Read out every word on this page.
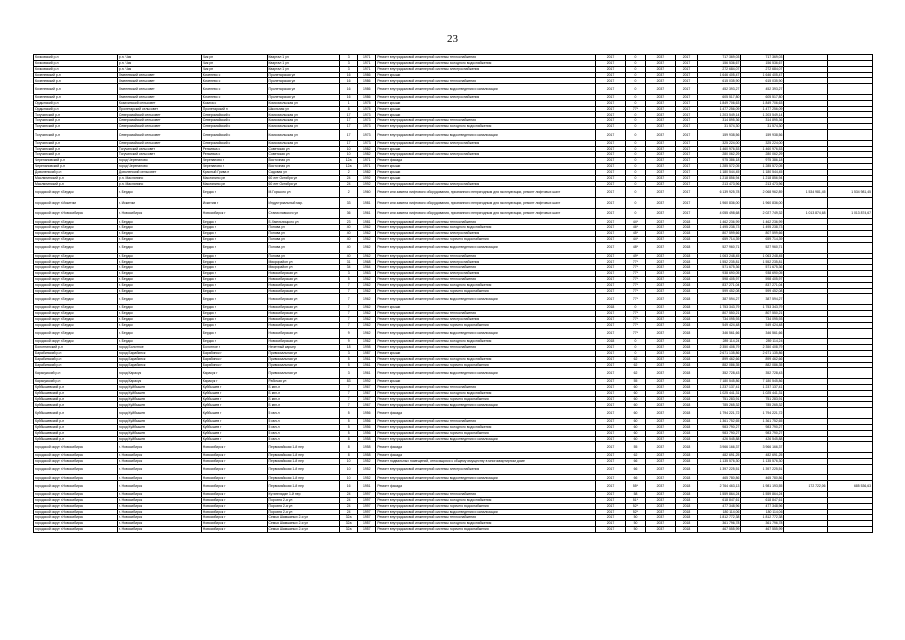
23
Кочковский р-н	р.п. Чик	Чик рп	Квартал 1 ул	3	1971	Ремонт внутридомовой инженерной системы теплоснабжения	2017	0	2037	2017	717 369,03	717 369,03		
Кочковский р-н	р.п. Чик	Чик рп	Квартал 1 ул	3	1971	Ремонт внутридомовой инженерной системы холодного водоснабжения	2017	0	2037	2017	156 536,67	156 536,67		
Кочковский р-н	р.п. Чик	Чик рп	Квартал 1 ул	3	1971	Ремонт внутридомовой инженерной системы электроснабжения	2017	0	2037	2017	272 684,07	272 684,07		
Коченевский р-н	Хмелевский сельсовет	Коченево с	Пролетарская ул	16	1986	Ремонт крыши	2017	0	2037	2017	1 646 405,47	1 646 405,47		
Коченевский р-н	Хмелевский сельсовет	Коченево с	Пролетарская ул	16	1986	Ремонт внутридомовой инженерной системы теплоснабжения	2017	0	2037	2017	615 035,90	615 035,90		
Коченевский р-н	Хмелевский сельсовет	Коченево с	Пролетарская ул	16	1986	Ремонт внутридомовой инженерной системы водоотведения и канализации	2017	0	2037	2017	452 393,27	452 393,27		
Коченевский р-н	Хмелевский сельсовет	Коченево с	Пролетарская ул	16	1986	Ремонт внутридомовой инженерной системы электроснабжения	2017	0	2037	2017	605 517,80	605 517,80		
Ордынский р-н	Козихинский сельсовет	Козиха с	Комсомольская ул	1	1975	Ремонт крыши	2017	0	2037	2017	1 849 706,63	1 849 706,63		
Ордынский р-н	Пролетарский сельсовет	Пролетарский п	Школьная ул	8	1975	Ремонт крыши	2017	77*	2037	2017	1 477 256,09	1 477 256,09		
Тогучинский р-н	Северомайский сельсовет	Северомайский с	Комсомольская ул	17	1973	Ремонт крыши	2017	0	2037	2017	1 203 549,14	1 203 549,14		
Тогучинский р-н	Северомайский сельсовет	Северомайский с	Комсомольская ул	17	1973	Ремонт внутридомовой инженерной системы теплоснабжения	2017	0	2037	2017	314 895,36	314 895,36		
Тогучинский р-н	Северомайский сельсовет	Северомайский с	Комсомольская ул	17	1973	Ремонт внутридомовой инженерной системы холодного водоснабжения	2017	0	2037	2017	31 574,30	31 574,30		
Тогучинский р-н	Северомайский сельсовет	Северомайский с	Комсомольская ул	17	1973	Ремонт внутридомовой инженерной системы водоотведения и канализации	2017	0	2037	2017	159 938,56	159 938,56		
Тогучинский р-н	Северомайский сельсовет	Северомайский с	Комсомольская ул	17	1973	Ремонт внутридомовой инженерной системы электроснабжения	2017	0	2037	2017	325 224,00	325 224,00		
Тогучинский р-н	Тогучинский сельсовет	Репьевка с	Советская ул	10	1982	Ремонт крыши	2017	0	2037	2017	1 460 976,53	1 460 976,53		
Тогучинский р-н	Тогучинский сельсовет	Репьевка с	Советская ул	10	1982	Ремонт внутридомовой инженерной системы электроснабжения	2017	0	2037	2017	280 062,29	280 062,29		
Черепановский р-н	город Черепаново	Черепаново г	Восточная ул	12а	1971	Ремонт фасада	2017	0	2037	2017	975 386,18	975 386,18		
Черепановский р-н	город Черепаново	Черепаново г	Восточная ул	12а	1971	Ремонт крыши	2017	0	2037	2017	1 285 572,05	1 285 572,05		
Доволенский р-н	Доволенский сельсовет	Красный Грива п	Садовая ул	2	1982	Ремонт крыши	2017	0	2037	2017	1 180 544,45	1 180 544,45		
Маслянинский р-н	р.п. Маслянино	Маслянино рп	60 лет Октября ул	24	1992	Ремонт крыши	2017	0	2037	2017	1 218 856,94	1 218 856,94		
Маслянинский р-н	р.п. Маслянино	Маслянино рп	60 лет Октября ул	24	1992	Ремонт внутридомовой инженерной системы электроснабжения	2017	0	2037	2017	213 473,96	213 473,96		
городской округ г.Бердск	г. Бердск	Бердск г	М.Горького ул	2	1960	Ремонт или замена лифтового оборудования, признанного непригодным для эксплуатации, ремонт лифтовых шахт	2017	0	2037	2017	6 139 925,78	2 068 962,89	1 534 981,45	1 534 981,45
городской округ г.Искитим	г. Искитим	Искитим г	Индустриальный мкр.	33	1981	Ремонт или замена лифтового оборудования, признанного непригодным для эксплуатации, ремонт лифтовых шахт	2017	0	2037	2017	1 960 836,00	1 960 836,00		
городской округ г.Новосибирск	г. Новосибирск	Новосибирск г	Станиславского ул	36	1961	Ремонт или замена лифтового оборудования, признанного непригодным для эксплуатации, ремонт лифтовых шахт	2017	0	2037	2017	4 055 498,68	2 027 749,32	1 013 874,68	1 013 874,67
городской округ г.Бердск	г. Бердск	Бердск г	Б.Хмельницкого ул	23	1981	Ремонт внутридомовой инженерной системы теплоснабжения	2017	44*	2037	2018	1 462 236,99	1 462 236,99		
городской округ г.Бердск	г. Бердск	Бердск г	Попова ул	40	1962	Ремонт внутридомовой инженерной системы холодного водоснабжения	2017	46*	2037	2018	1 495 238,73	1 495 238,73		
городской округ г.Бердск	г. Бердск	Бердск г	Попова ул	40	1962	Ремонт внутридомовой инженерной системы электроснабжения	2017	45*	2037	2018	807 599,66	807 599,66		
городской округ г.Бердск	г. Бердск	Бердск г	Попова ул	40	1962	Ремонт внутридомовой инженерной системы горячего водоснабжения	2017	44*	2037	2018	659 714,39	659 714,39		
городской округ г.Бердск	г. Бердск	Бердск г	Попова ул	40	1962	Ремонт внутридомовой инженерной системы водоотведения и канализации	2017	48*	2037	2018	527 960,71	527 960,71		
городской округ г.Бердск	г. Бердск	Бердск г	Попова ул	40	1962	Ремонт внутридомовой инженерной системы теплоснабжения	2017	49*	2037	2018	1 063 248,45	1 063 248,45		
городской округ г.Бердск	г. Бердск	Бердск г	Микрорайон ул	31	1968	Ремонт внутридомовой инженерной системы электроснабжения	2017	77*	2037	2018	1 552 235,81	1 552 235,81		
городской округ г.Бердск	г. Бердск	Бердск г	Микрорайон ул	34	1964	Ремонт внутридомовой инженерной системы теплоснабжения	2017	77*	2037	2018	571 675,36	571 675,36		
городской округ г.Бердск	г. Бердск	Бердск г	Новосибирская ул	3	1963	Ремонт внутридомовой инженерной системы электроснабжения	2017	77*	2037	2018	938 690,05	938 690,05		
городской округ г.Бердск	г. Бердск	Бердск г	Новосибирская ул	5	1962	Ремонт внутридомовой инженерной системы теплоснабжения	2017	77*	2037	2018	598 405,97	598 405,97		
городской округ г.Бердск	г. Бердск	Бердск г	Новосибирская ул	7	1962	Ремонт внутридомовой инженерной системы холодного водоснабжения	2017	77*	2037	2018	837 271,04	837 271,04		
городской округ г.Бердск	г. Бердск	Бердск г	Новосибирская ул	7	1962	Ремонт внутридомовой инженерной системы горячего водоснабжения	2017	77*	2037	2018	599 452,08	599 452,08		
городской округ г.Бердск	г. Бердск	Бердск г	Новосибирская ул	7	1962	Ремонт внутридомовой инженерной системы водоотведения и канализации	2017	77*	2037	2018	387 594,27	387 594,27		
городской округ г.Бердск	г. Бердск	Бердск г	Новосибирская ул	7	1962	Ремонт крыши	2018	0	2037	2018	1 753 343,79	1 753 343,79		
городской округ г.Бердск	г. Бердск	Бердск г	Новосибирская ул	7	1962	Ремонт внутридомовой инженерной системы теплоснабжения	2017	77*	2037	2018	807 550,21	807 550,21		
городской округ г.Бердск	г. Бердск	Бердск г	Новосибирская ул	7	1962	Ремонт внутридомовой инженерной системы электроснабжения	2017	77*	2037	2018	734 095,93	734 095,93		
городской округ г.Бердск	г. Бердск	Бердск г	Новосибирская ул	7	1962	Ремонт внутридомовой инженерной системы горячего водоснабжения	2017	77*	2037	2018	549 424,48	549 424,48		
городской округ г.Бердск	г. Бердск	Бердск г	Новосибирская ул	9	1962	Ремонт внутридомовой инженерной системы водоотведения и канализации	2017	77*	2037	2018	346 561,66	346 561,66		
городской округ г.Бердск	г. Бердск	Бердск г	Новосибирская ул	9	1962	Ремонт внутридомовой инженерной системы холодного водоснабжения	2018	0	2037	2018	289 114,24	289 114,24		
Болотнинский р-н	город Болотное	Болотное г	Нечетный карьер	18	1998	Ремонт внутридомовой инженерной системы теплоснабжения	2017	0	2037	2018	2 350 408,79	2 350 408,79		
Барабинский р-н	город Барабинск	Барабинск г	Привокзальная ул	3	1987	Ремонт крыши	2017	0	2037	2018	2 671 135,86	2 671 135,86		
Барабинский р-н	город Барабинск	Барабинск г	Привокзальная ул	5	1961	Ремонт внутридомовой инженерной системы холодного водоснабжения	2017	62	2037	2018	899 462,66	899 462,66		
Барабинский р-н	город Барабинск	Барабинск г	Привокзальная ул	5	1961	Ремонт внутридомовой инженерной системы горячего водоснабжения	2017	62	2037	2018	882 086,35	882 086,35		
Карасукский р-н	город Карасук	Карасук г	Привокзальная ул	3	1961	Ремонт внутридомовой инженерной системы водоотведения и канализации	2017	62	2037	2018	352 728,43	352 728,43		
Карасукский р-н	город Карасук	Карасук г	Рабочая ул	83	1992	Ремонт крыши	2017	55	2037	2018	7 180 545,86	7 180 545,86		
Куйбышевский р-н	город Куйбышев	Куйбышев г	Б квл-л	7	1967	Ремонт внутридомовой инженерной системы теплоснабжения	2017	60	2037	2018	1 237 137,41	1 237 137,41		
Куйбышевский р-н	город Куйбышев	Куйбышев г	Б квл-л	7	1967	Ремонт внутридомовой инженерной системы холодного водоснабжения	2017	60	2037	2018	1 025 441,31	1 025 441,31		
Куйбышевский р-н	город Куйбышев	Куйбышев г	Б квл-л	7	1967	Ремонт внутридомовой инженерной системы горячего водоснабжения	2017	60	2037	2018	751 283,91	751 283,91		
Куйбышевский р-н	город Куйбышев	Куйбышев г	Б квл-л	7	1967	Ремонт внутридомовой инженерной системы водоотведения и канализации	2017	60	2037	2018	785 265,32	785 265,32		
Куйбышевский р-н	город Куйбышев	Куйбышев г	5 квл-л	5	1956	Ремонт фасада	2017	60	2037	2018	1 794 221,72	1 794 221,72		
Куйбышевский р-н	город Куйбышев	Куйбышев г	5 квл-л	5	1956	Ремонт внутридомовой инженерной системы теплоснабжения	2017	60	2037	2018	1 361 752,65	1 361 752,65		
Куйбышевский р-н	город Куйбышев	Куйбышев г	5 квл-л	5	1956	Ремонт внутридомовой инженерной системы холодного водоснабжения	2017	60	2037	2018	983 790,27	983 790,27		
Куйбышевский р-н	город Куйбышев	Куйбышев г	5 квл-л	5	1956	Ремонт внутридомовой инженерной системы горячего водоснабжения	2017	60	2037	2018	983 790,27	983 790,27		
Куйбышевский р-н	город Куйбышев	Куйбышев г	5 квл-л	8	1958	Ремонт внутридомовой инженерной системы водоотведения и канализации	2017	60	2037	2018	426 545,88	426 545,88		
городской округ г.Новосибирск	г. Новосибирск	Новосибирск г	Первомайская 1-й пер	8	1958	Ремонт фасада	2017	55	2037	2018	3 966 166,37	3 966 166,37		
городской округ г.Новосибирск	г. Новосибирск	Новосибирск г	Первомайская 1-й пер	8	1958	Ремонт фасада	2017	62	2037	2018	482 691,25	482 691,25		
городской округ г.Новосибирск	г. Новосибирск	Новосибирск г	Первомайская 1-й пер	10	1952	Ремонт подвальных помещений, относящихся к общему имуществу в многоквартирном доме	2017	66	2037	2018	1 135 576,30	1 135 576,30		
городской округ г.Новосибирск	г. Новосибирск	Новосибирск г	Первомайская 1-й пер	10	1952	Ремонт внутридомовой инженерной системы электроснабжения	2017	66	2037	2018	1 397 225,51	1 397 225,51		
городской округ г.Новосибирск	г. Новосибирск	Новосибирск г	Первомайская 1-й пер	10	1952	Ремонт внутридомовой инженерной системы водоотведения и канализации	2017	66	2037	2018	465 780,86	465 780,86		
городской округ г.Новосибирск	г. Новосибирск	Новосибирск г	Первомайская 1-й пер	16	1951	Ремонт фасада	2017	55*	2037	2018	2 764 463,13	1 981 193,55	172 722,06	685 536,63
городской округ г.Новосибирск	г. Новосибирск	Новосибирск г	Кутателадзе 1-й пер	24	1997	Ремонт внутридомовой инженерной системы теплоснабжения	2017	58	2037	2018	1 559 864,24	1 559 864,24		
городской округ г.Новосибирск	г. Новосибирск	Новосибирск г	Порохня 2-я ул	24	1997	Ремонт внутридомовой инженерной системы холодного водоснабжения	2017	51*	2037	2018	618 847,61	618 847,61		
городской округ г.Новосибирск	г. Новосибирск	Новосибирск г	Порохня 2-я ул	24	1997	Ремонт внутридомовой инженерной системы горячего водоснабжения	2017	52*	2037	2018	477 348,96	477 348,96		
городской округ г.Новосибирск	г. Новосибирск	Новосибирск г	Порохня 2-я ул	24	1997	Ремонт внутридомовой инженерной системы водоотведения и канализации	2017	52*	2037	2018	180 114,06	180 114,06		
городской округ г.Новосибирск	г. Новосибирск	Новосибирск г	Семья Шамшиных 2-я ул	32а	1957	Ремонт внутридомовой инженерной системы теплоснабжения	2017	50	2037	2018	1 812 772,38	1 812 772,38		
городской округ г.Новосибирск	г. Новосибирск	Новосибирск г	Семья Шамшиных 2-я ул	32а	1957	Ремонт внутридомовой инженерной системы холодного водоснабжения	2017	50	2037	2018	361 796,78	361 796,78		
городской округ г.Новосибирск	г. Новосибирск	Новосибирск г	Семья Шамшиных 2-я ул	32а	1957	Ремонт внутридомовой инженерной системы горячего водоснабжения	2017	50	2037	2018	467 555,99	467 555,99		
